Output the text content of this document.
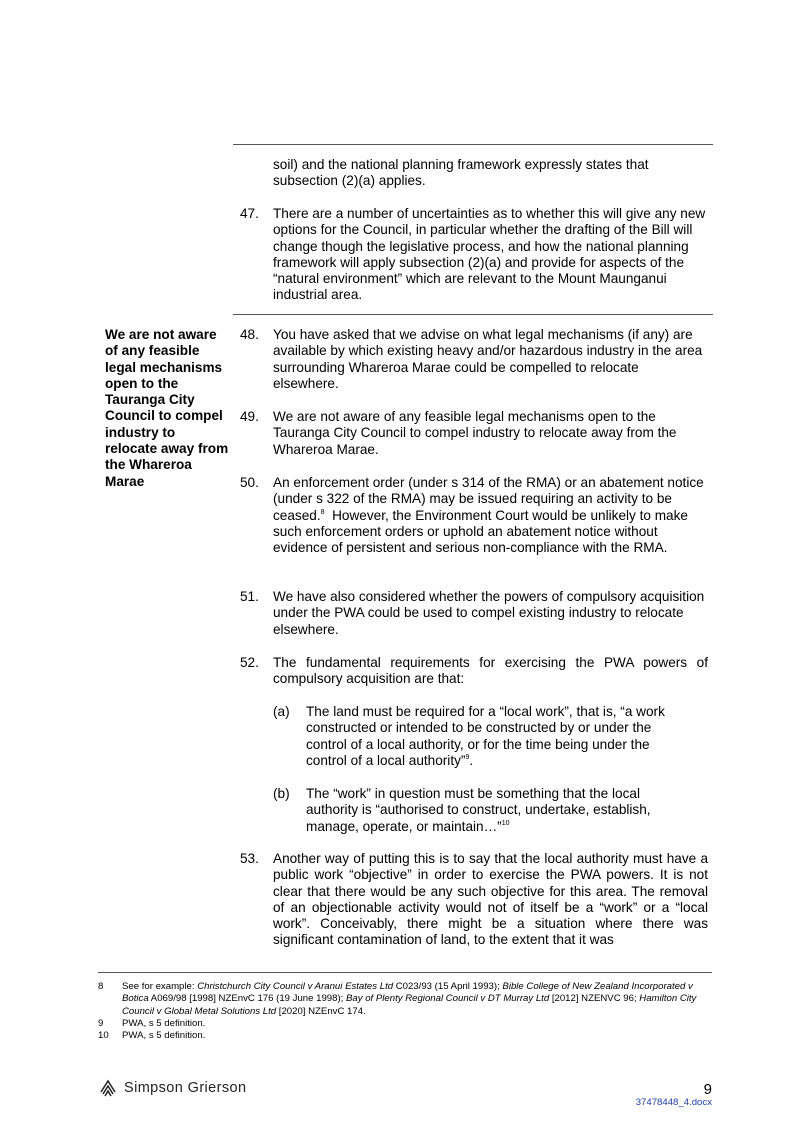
soil) and the national planning framework expressly states that subsection (2)(a) applies.
47.	There are a number of uncertainties as to whether this will give any new options for the Council, in particular whether the drafting of the Bill will change though the legislative process, and how the national planning framework will apply subsection (2)(a) and provide for aspects of the “natural environment” which are relevant to the Mount Maunganui industrial area.
We are not aware of any feasible legal mechanisms open to the Tauranga City Council to compel industry to relocate away from the Whareroa Marae
48.	You have asked that we advise on what legal mechanisms (if any) are available by which existing heavy and/or hazardous industry in the area surrounding Whareroa Marae could be compelled to relocate elsewhere.
49.	We are not aware of any feasible legal mechanisms open to the Tauranga City Council to compel industry to relocate away from the Whareroa Marae.
50.	An enforcement order (under s 314 of the RMA) or an abatement notice (under s 322 of the RMA) may be issued requiring an activity to be ceased.$^8$  However, the Environment Court would be unlikely to make such enforcement orders or uphold an abatement notice without evidence of persistent and serious non-compliance with the RMA.
51.	We have also considered whether the powers of compulsory acquisition under the PWA could be used to compel existing industry to relocate elsewhere.
52.	The fundamental requirements for exercising the PWA powers of compulsory acquisition are that:
(a) The land must be required for a “local work”, that is, “a work constructed or intended to be constructed by or under the control of a local authority, or for the time being under the control of a local authority”$^9$.
(b) The “work” in question must be something that the local authority is “authorised to construct, undertake, establish, manage, operate, or maintain…”$^{10}$
53.	Another way of putting this is to say that the local authority must have a public work “objective” in order to exercise the PWA powers. It is not clear that there would be any such objective for this area. The removal of an objectionable activity would not of itself be a “work” or a “local work”. Conceivably, there might be a situation where there was significant contamination of land, to the extent that it was
8 See for example: Christchurch City Council v Aranui Estates Ltd C023/93 (15 April 1993); Bible College of New Zealand Incorporated v Botica A069/98 [1998] NZEnvC 176 (19 June 1998); Bay of Plenty Regional Council v DT Murray Ltd [2012] NZENVC 96; Hamilton City Council v Global Metal Solutions Ltd [2020] NZEnvC 174.
9 PWA, s 5 definition.
10 PWA, s 5 definition.
Simpson Grierson	9
37478448_4.docx
